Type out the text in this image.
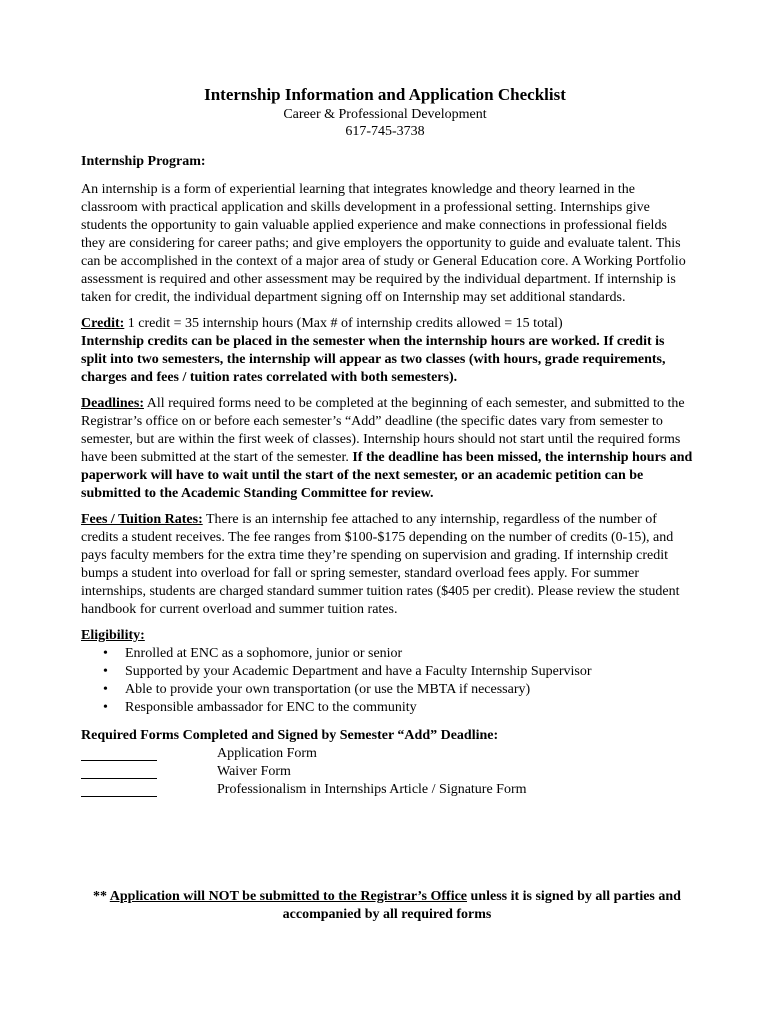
Internship Information and Application Checklist
Career & Professional Development
617-745-3738
Internship Program:
An internship is a form of experiential learning that integrates knowledge and theory learned in the classroom with practical application and skills development in a professional setting. Internships give students the opportunity to gain valuable applied experience and make connections in professional fields they are considering for career paths; and give employers the opportunity to guide and evaluate talent. This can be accomplished in the context of a major area of study or General Education core. A Working Portfolio assessment is required and other assessment may be required by the individual department. If internship is taken for credit, the individual department signing off on Internship may set additional standards.
Credit: 1 credit = 35 internship hours (Max # of internship credits allowed = 15 total)
Internship credits can be placed in the semester when the internship hours are worked. If credit is split into two semesters, the internship will appear as two classes (with hours, grade requirements, charges and fees / tuition rates correlated with both semesters).
Deadlines: All required forms need to be completed at the beginning of each semester, and submitted to the Registrar’s office on or before each semester’s “Add” deadline (the specific dates vary from semester to semester, but are within the first week of classes). Internship hours should not start until the required forms have been submitted at the start of the semester. If the deadline has been missed, the internship hours and paperwork will have to wait until the start of the next semester, or an academic petition can be submitted to the Academic Standing Committee for review.
Fees / Tuition Rates: There is an internship fee attached to any internship, regardless of the number of credits a student receives. The fee ranges from $100-$175 depending on the number of credits (0-15), and pays faculty members for the extra time they’re spending on supervision and grading. If internship credit bumps a student into overload for fall or spring semester, standard overload fees apply. For summer internships, students are charged standard summer tuition rates ($405 per credit). Please review the student handbook for current overload and summer tuition rates.
Eligibility:
• Enrolled at ENC as a sophomore, junior or senior
• Supported by your Academic Department and have a Faculty Internship Supervisor
• Able to provide your own transportation (or use the MBTA if necessary)
• Responsible ambassador for ENC to the community
Required Forms Completed and Signed by Semester “Add” Deadline:
Application Form
Waiver Form
Professionalism in Internships Article / Signature Form
** Application will NOT be submitted to the Registrar’s Office unless it is signed by all parties and accompanied by all required forms
